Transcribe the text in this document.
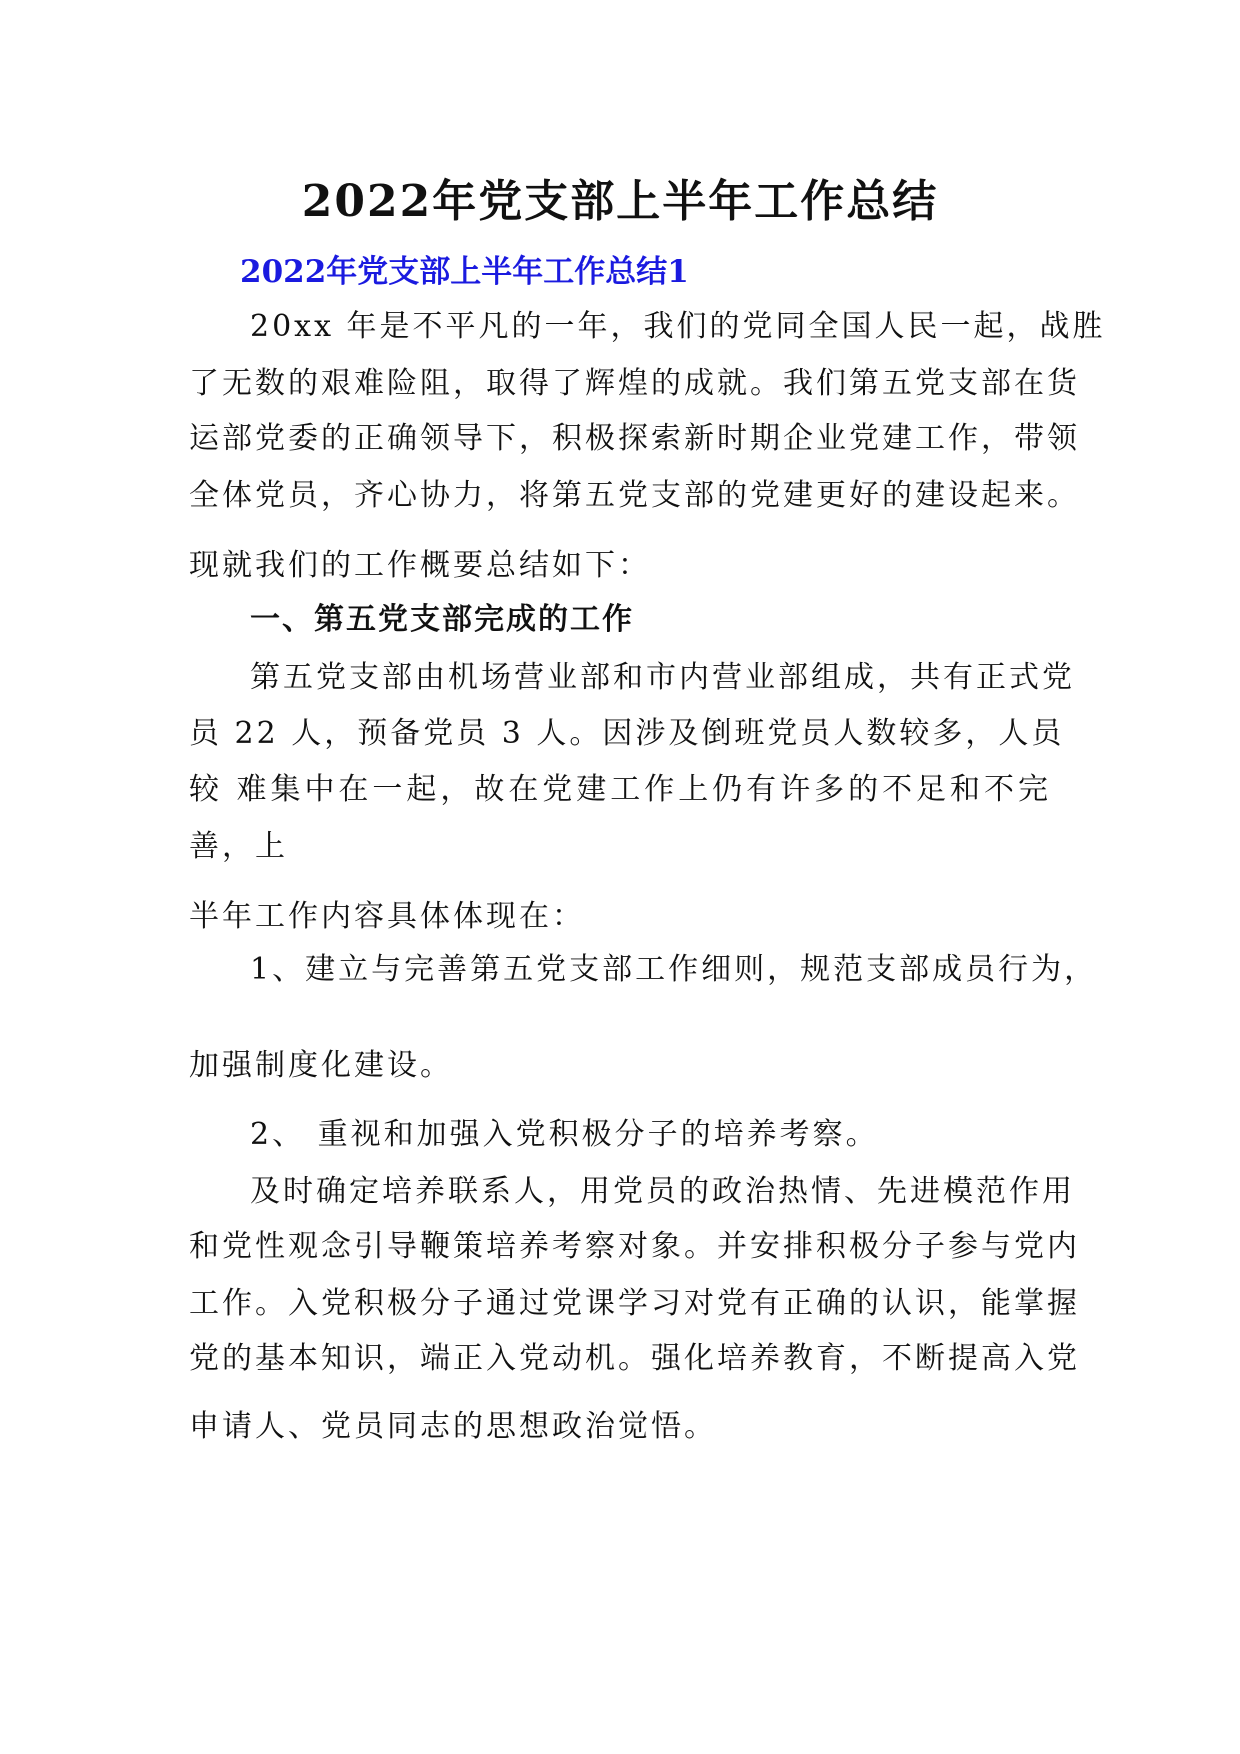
2022年党支部上半年工作总结
2022年党支部上半年工作总结1
20xx 年是不平凡的一年，我们的党同全国人民一起，战胜
了无数的艰难险阻，取得了辉煌的成就。我们第五党支部在货
运部党委的正确领导下，积极探索新时期企业党建工作，带领
全体党员，齐心协力，将第五党支部的党建更好的建设起来。
现就我们的工作概要总结如下：
一、第五党支部完成的工作
第五党支部由机场营业部和市内营业部组成，共有正式党
员 22 人，预备党员 3 人。因涉及倒班党员人数较多，人员
较 难集中在一起，故在党建工作上仍有许多的不足和不完
善，上
半年工作内容具体体现在：
1、建立与完善第五党支部工作细则，规范支部成员行为，
加强制度化建设。
2、 重视和加强入党积极分子的培养考察。
及时确定培养联系人，用党员的政治热情、先进模范作用
和党性观念引导鞭策培养考察对象。并安排积极分子参与党内
工作。入党积极分子通过党课学习对党有正确的认识，能掌握
党的基本知识，端正入党动机。强化培养教育，不断提高入党
申请人、党员同志的思想政治觉悟。
